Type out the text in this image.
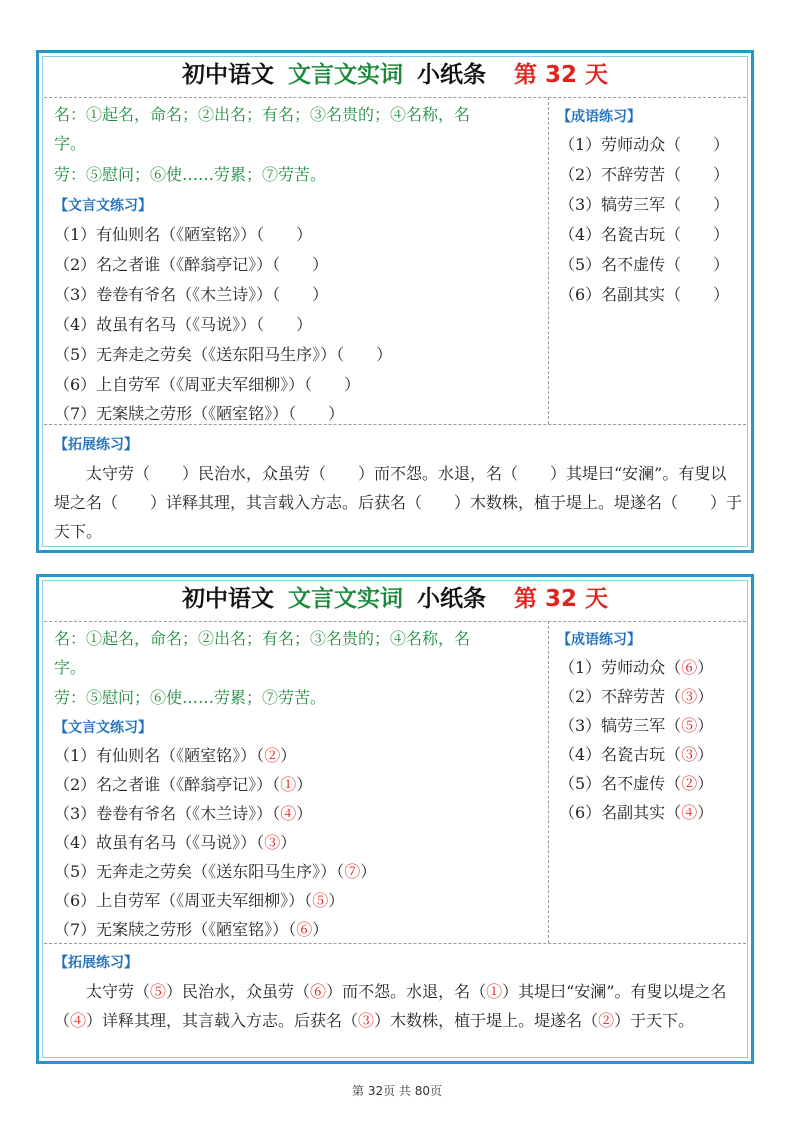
初中语文 文言文实词 小纸条 第 32 天
名：①起名，命名；②出名；有名；③名贵的；④名称，名
字。
劳：⑤慰问；⑥使……劳累；⑦劳苦。
【文言文练习】
（1）有仙则名（《陋室铭》）（　　）
（2）名之者谁（《醉翁亭记》）（　　）
（3）卷卷有爷名（《木兰诗》）（　　）
（4）故虽有名马（《马说》）（　　）
（5）无奔走之劳矣（《送东阳马生序》）（　　）
（6）上自劳军（《周亚夫军细柳》）（　　）
（7）无案牍之劳形（《陋室铭》）（　　）
【成语练习】
（1）劳师动众（　　）
（2）不辞劳苦（　　）
（3）犒劳三军（　　）
（4）名瓷古玩（　　）
（5）名不虚传（　　）
（6）名副其实（　　）
【拓展练习】
　　太守劳（　　）民治水，众虽劳（　　）而不怨。水退，名（　　）其堤曰“安澜”。有叟以堤之名（　　）详释其理，其言载入方志。后获名（　　）木数株，植于堤上。堤遂名（　　）于天下。
初中语文 文言文实词 小纸条 第 32 天
名：①起名，命名；②出名；有名；③名贵的；④名称，名
字。
劳：⑤慰问；⑥使……劳累；⑦劳苦。
【文言文练习】
（1）有仙则名（《陋室铭》）（②）
（2）名之者谁（《醉翁亭记》）（①）
（3）卷卷有爷名（《木兰诗》）（④）
（4）故虽有名马（《马说》）（③）
（5）无奔走之劳矣（《送东阳马生序》）（⑦）
（6）上自劳军（《周亚夫军细柳》）（⑤）
（7）无案牍之劳形（《陋室铭》）（⑥）
【成语练习】
（1）劳师动众（⑥）
（2）不辞劳苦（③）
（3）犒劳三军（⑤）
（4）名瓷古玩（③）
（5）名不虚传（②）
（6）名副其实（④）
【拓展练习】
　　太守劳（⑤）民治水，众虽劳（⑥）而不怨。水退，名（①）其堤曰“安澜”。有叟以堤之名（④）详释其理，其言载入方志。后获名（③）木数株，植于堤上。堤遂名（②）于天下。
第 32页 共 80页
